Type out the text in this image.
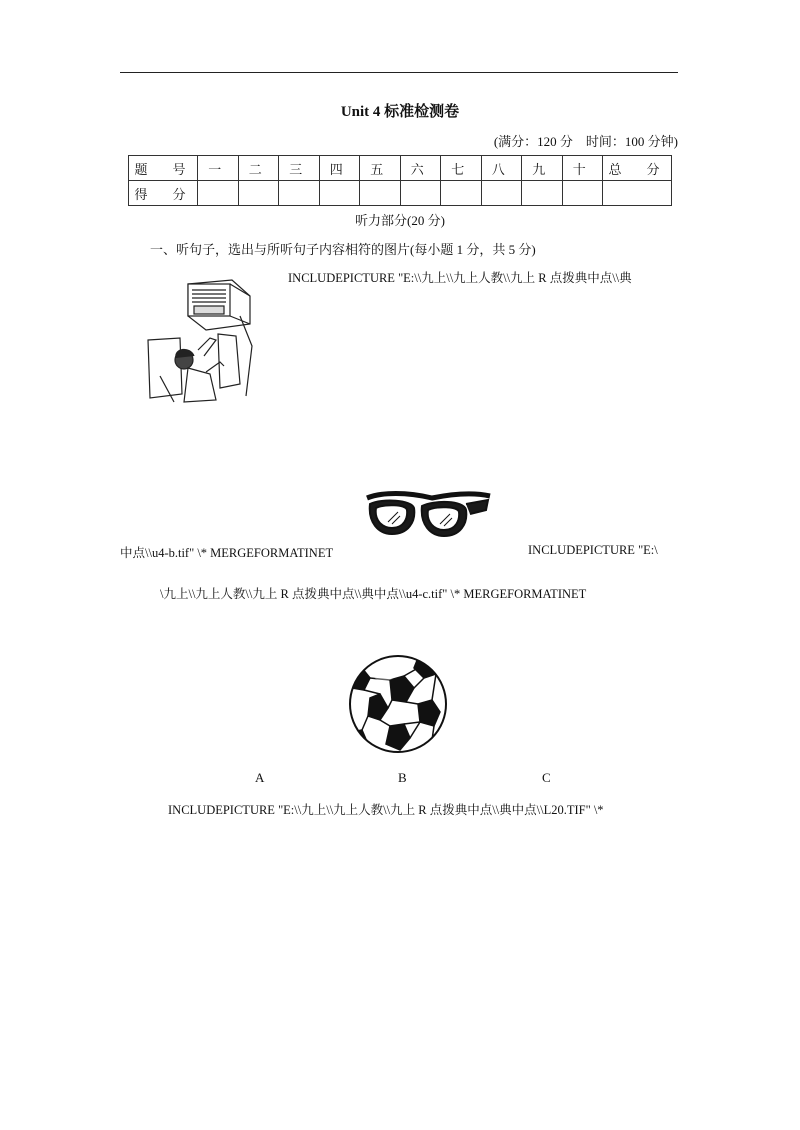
Unit 4 标准检测卷
(满分：120 分　时间：100 分钟)
题　号	一	二	三	四	五	六	七	八	九	十	总　分
得　分											
听力部分(20 分)
一、听句子，选出与所听句子内容相符的图片(每小题 1 分，共 5 分)
INCLUDEPICTURE "E:\\九上\\九上人教\\九上 R 点拨典中点\\典
中点\\u4-b.tif" \* MERGEFORMATINET	INCLUDEPICTURE "E:\
\九上\\九上人教\\九上 R 点拨典中点\\典中点\\u4-c.tif" \* MERGEFORMATINET
A	B	C
INCLUDEPICTURE "E:\\九上\\九上人教\\九上 R 点拨典中点\\典中点\\L20.TIF" \*
